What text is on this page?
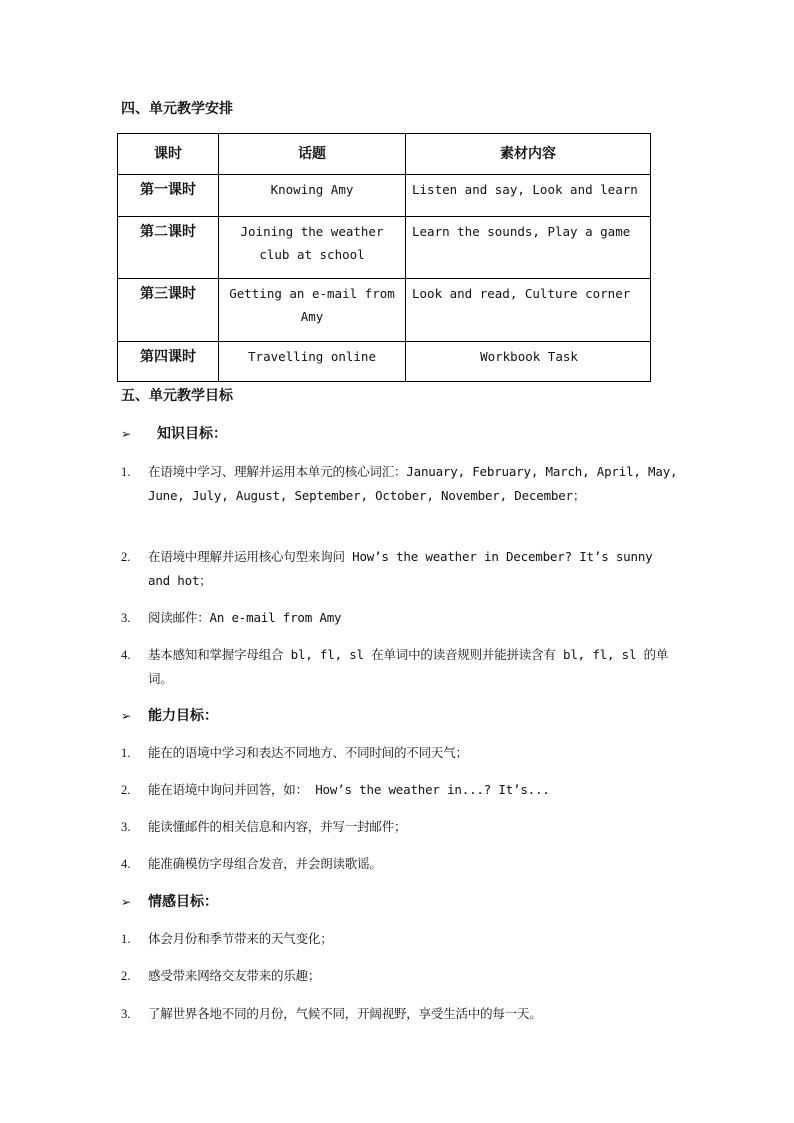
四、单元教学安排
课时	话题	素材内容
第一课时	Knowing Amy	Listen and say, Look and learn
第二课时	Joining the weather club at school	Learn the sounds, Play a game
第三课时	Getting an e-mail from Amy	Look and read, Culture corner
第四课时	Travelling online	Workbook Task
五、单元教学目标
➢ 知识目标：
1.	在语境中学习、理解并运用本单元的核心词汇：January, February, March, April, May, June, July, August, September, October, November, December；
2.	在语境中理解并运用核心句型来询问 How’s the weather in December? It’s sunny and hot；
3.	阅读邮件：An e-mail from Amy
4.	基本感知和掌握字母组合 bl, fl, sl 在单词中的读音规则并能拼读含有 bl, fl, sl 的单词。
➢ 能力目标：
1.	能在的语境中学习和表达不同地方、不同时间的不同天气；
2.	能在语境中询问并回答，如： How’s the weather in...? It’s...
3.	能读懂邮件的相关信息和内容，并写一封邮件；
4.	能准确模仿字母组合发音，并会朗读歌谣。
➢ 情感目标：
1.	体会月份和季节带来的天气变化；
2.	感受带来网络交友带来的乐趣；
3.	了解世界各地不同的月份，气候不同，开阔视野，享受生活中的每一天。
